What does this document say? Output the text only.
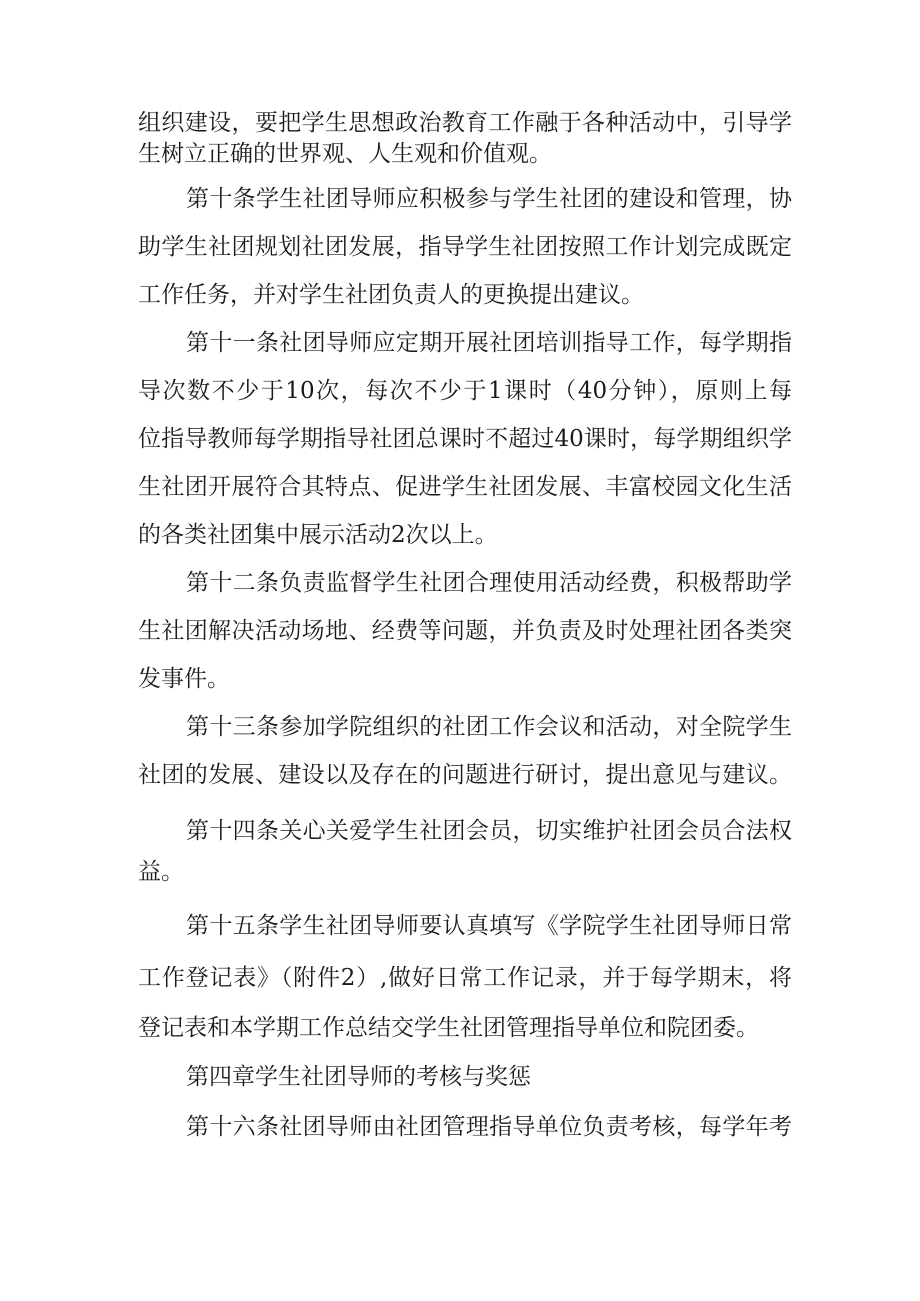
组织建设，要把学生思想政治教育工作融于各种活动中，引导学
生树立正确的世界观、人生观和价值观。
第十条学生社团导师应积极参与学生社团的建设和管理，协
助学生社团规划社团发展，指导学生社团按照工作计划完成既定
工作任务，并对学生社团负责人的更换提出建议。
第十一条社团导师应定期开展社团培训指导工作，每学期指
导次数不少于10次，每次不少于1课时（40分钟），原则上每
位指导教师每学期指导社团总课时不超过40课时，每学期组织学
生社团开展符合其特点、促进学生社团发展、丰富校园文化生活
的各类社团集中展示活动2次以上。
第十二条负责监督学生社团合理使用活动经费，积极帮助学
生社团解决活动场地、经费等问题，并负责及时处理社团各类突
发事件。
第十三条参加学院组织的社团工作会议和活动，对全院学生
社团的发展、建设以及存在的问题进行研讨，提出意见与建议。
第十四条关心关爱学生社团会员，切实维护社团会员合法权
益。
第十五条学生社团导师要认真填写《学院学生社团导师日常
工作登记表》（附件2）,做好日常工作记录，并于每学期末，将
登记表和本学期工作总结交学生社团管理指导单位和院团委。
第四章学生社团导师的考核与奖惩
第十六条社团导师由社团管理指导单位负责考核，每学年考
